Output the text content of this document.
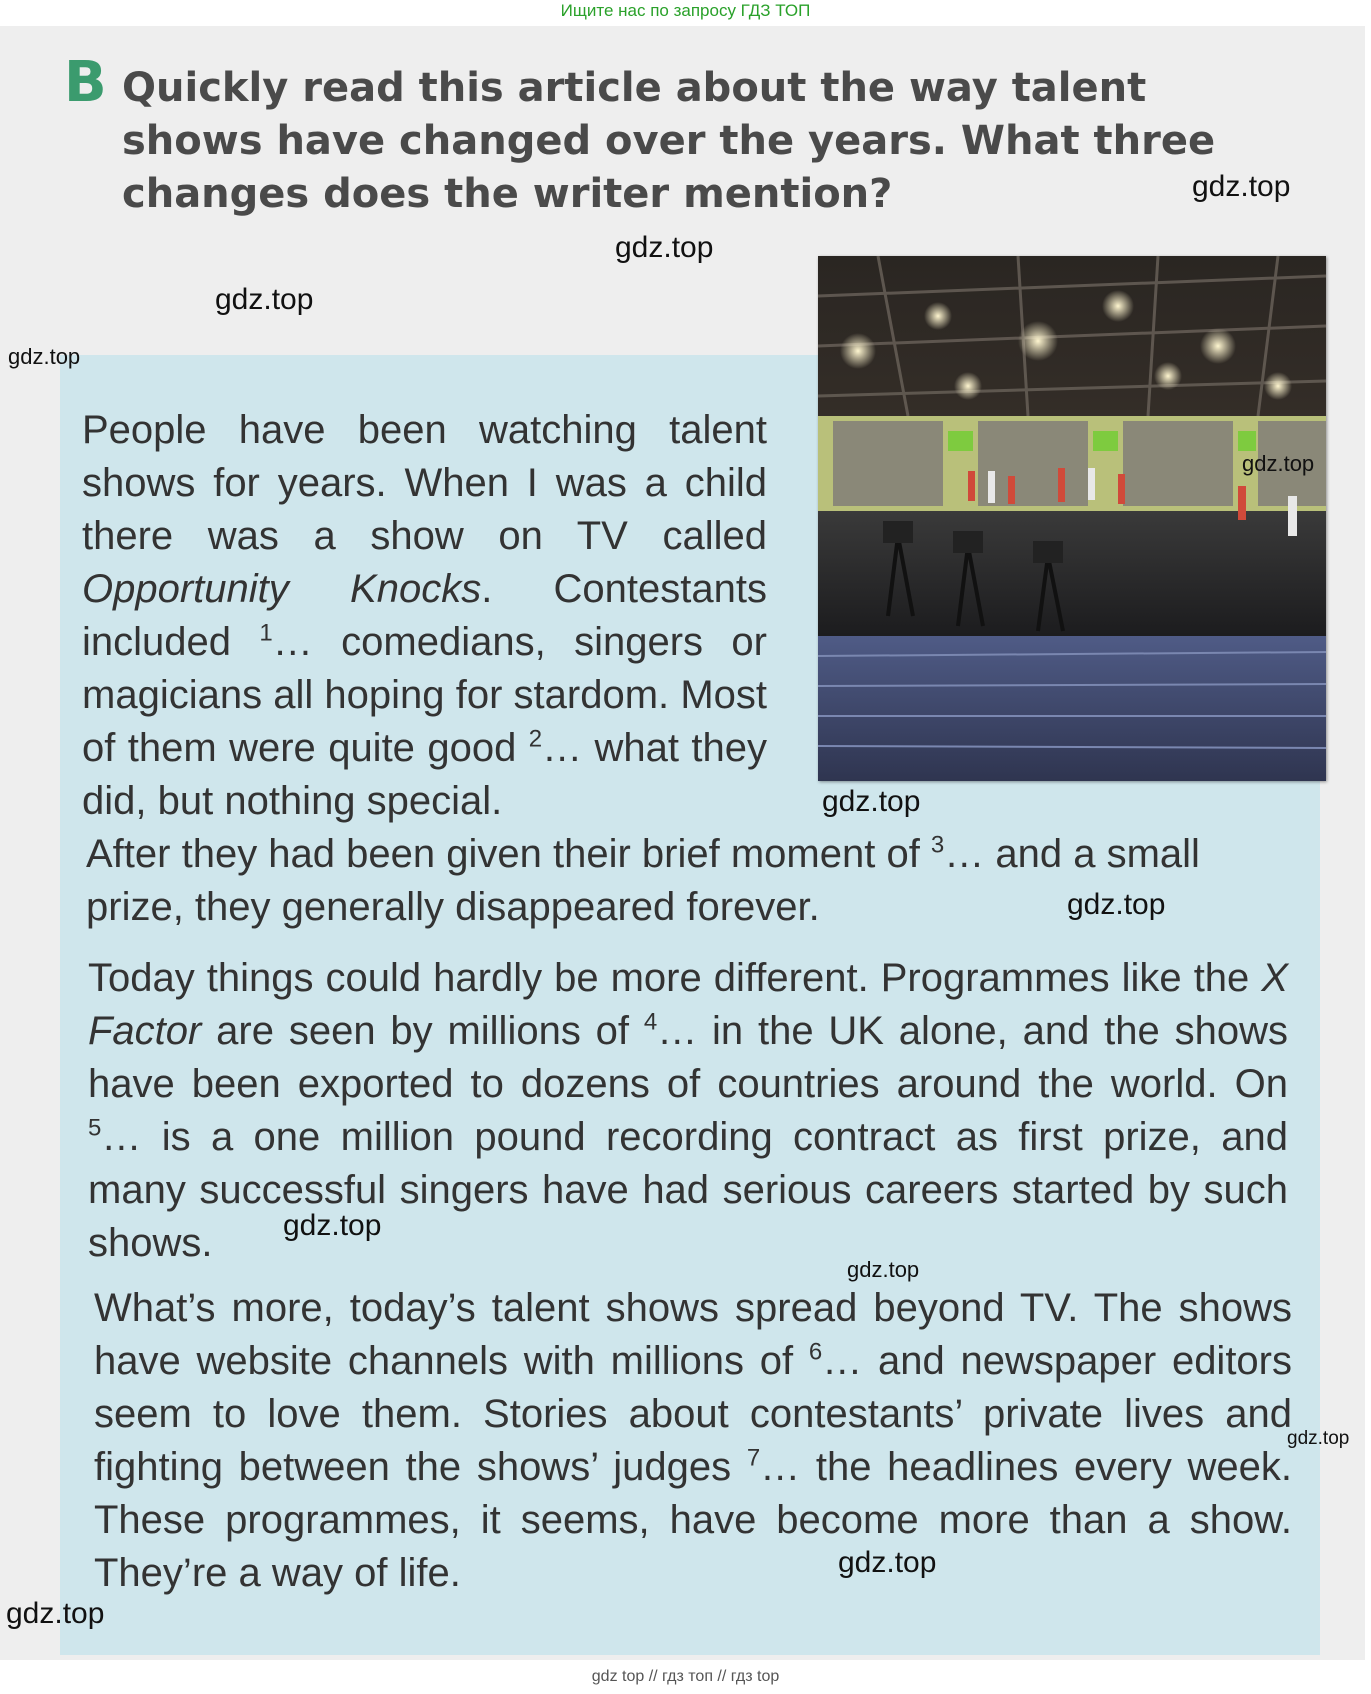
Ищите нас по запросу ГДЗ ТОП
B Quickly read this article about the way talent shows have changed over the years. What three changes does the writer mention?

People have been watching talent shows for years. When I was a child there was a show on TV called Opportunity Knocks. Contestants included $^1$… comedians, singers or magicians all hoping for stardom. Most of them were quite good $^2$… what they did, but nothing special.

After they had been given their brief moment of $^3$… and a small prize, they generally disappeared forever.

Today things could hardly be more different. Programmes like the X Factor are seen by millions of $^4$… in the UK alone, and the shows have been exported to dozens of countries around the world. On $^5$… is a one million pound recording contract as first prize, and many successful singers have had serious careers started by such shows.

What’s more, today’s talent shows spread beyond TV. The shows have website channels with millions of $^6$… and newspaper editors seem to love them. Stories about contestants’ private lives and fighting between the shows’ judges $^7$… the headlines every week. These programmes, it seems, have become more than a show. They’re a way of life.

gdz.top
gdz.top
gdz.top
gdz.top
gdz.top
gdz.top
gdz.top
gdz.top
gdz.top
gdz.top
gdz.top
gdz.top
gdz top // гдз топ // гдз top
